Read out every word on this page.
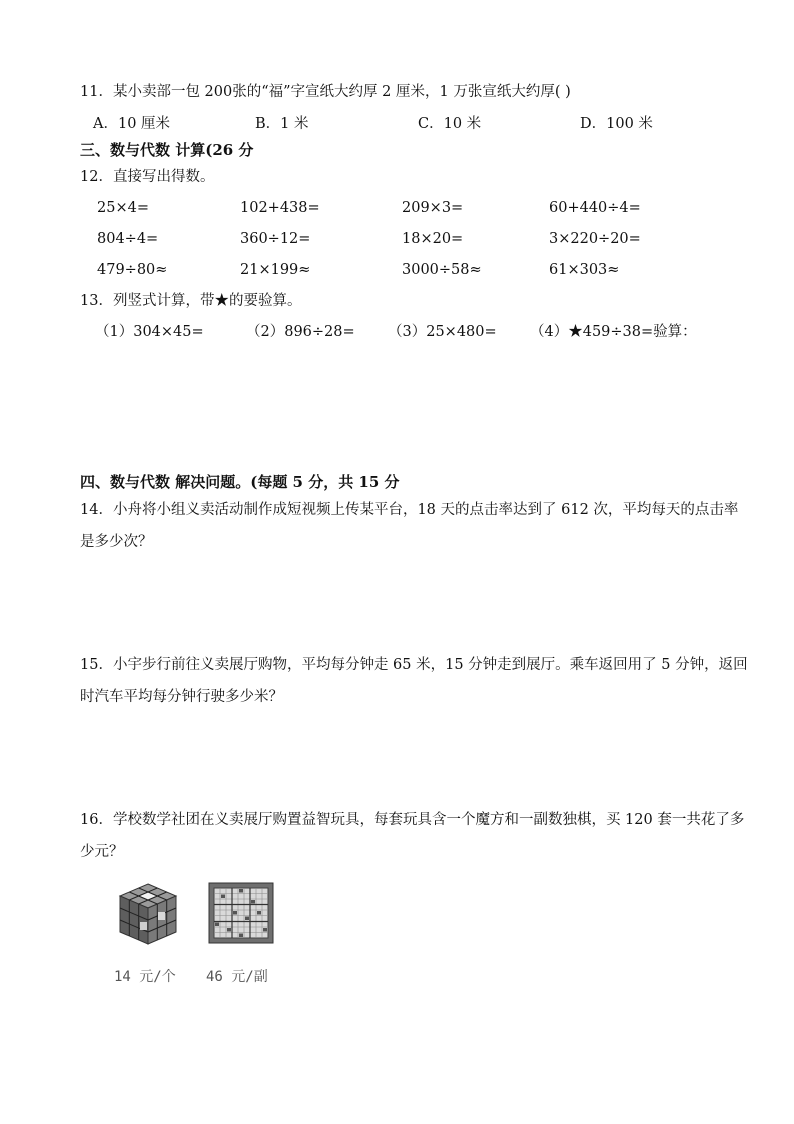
11．某小卖部一包 200张的“福”字宣纸大约厚 2 厘米，1 万张宣纸大约厚( )
A．10 厘米	B．1 米	C．10 米	D．100 米
三、数与代数 计算(26 分
12．直接写出得数。
25×4=	102+438=	209×3=	60+440÷4=
804÷4=	360÷12=	18×20=	3×220÷20=
479÷80≈	21×199≈	3000÷58≈	61×303≈
13．列竖式计算，带★的要验算。
（1）304×45=	（2）896÷28= （3）25×480= （4）★459÷38=验算：
四、数与代数 解决问题。(每题 5 分，共 15 分
14．小舟将小组义卖活动制作成短视频上传某平台，18 天的点击率达到了 612 次，平均每天的点击率是多少次？
15．小宇步行前往义卖展厅购物，平均每分钟走 65 米，15 分钟走到展厅。乘车返回用了 5 分钟，返回时汽车平均每分钟行驶多少米？
16．学校数学社团在义卖展厅购置益智玩具，每套玩具含一个魔方和一副数独棋，买 120 套一共花了多少元？
14 元/个 46 元/副
